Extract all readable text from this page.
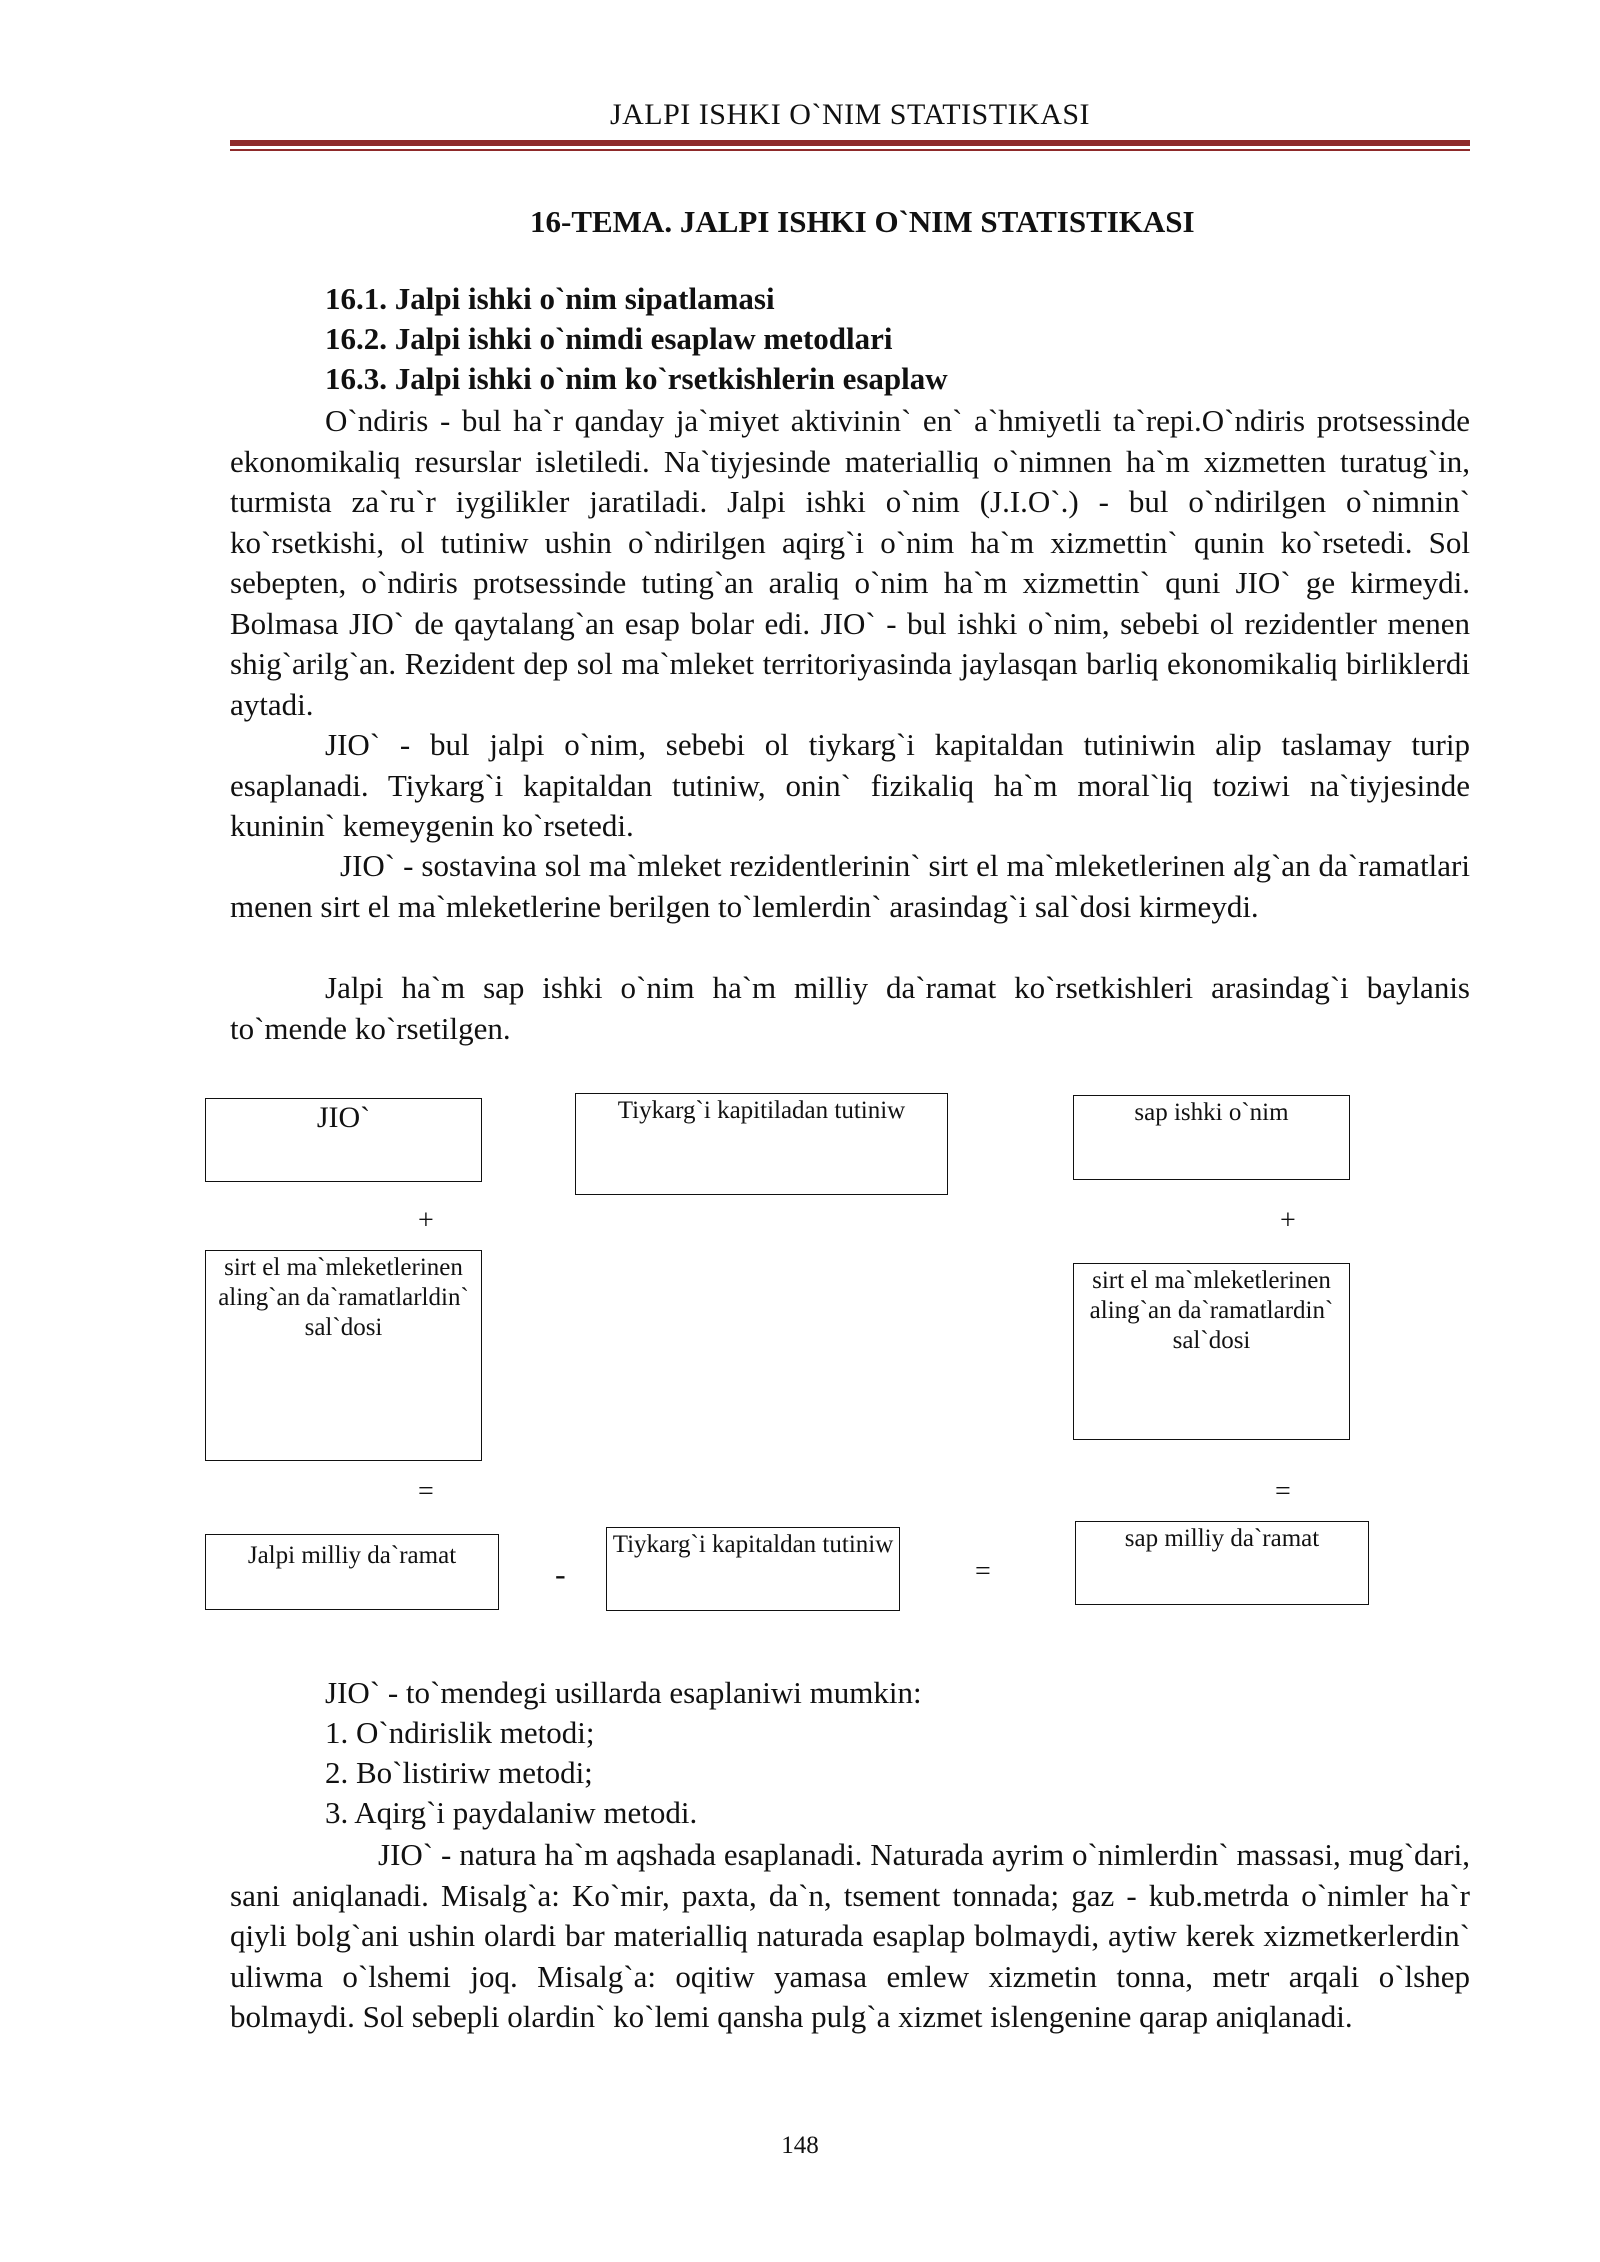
JALPI ISHKI O`NIM STATISTIKASI
16-TEMA. JALPI ISHKI O`NIM STATISTIKASI
16.1. Jalpi ishki o`nim sipatlamasi
16.2. Jalpi ishki o`nimdi esaplaw metodlari
16.3. Jalpi ishki o`nim ko`rsetkishlerin esaplaw
O`ndiris - bul ha`r qanday ja`miyet aktivinin` en` a`hmiyetli ta`repi.O`ndiris protsessinde ekonomikaliq resurslar isletiledi. Na`tiyjesinde materialliq o`nimnen ha`m xizmetten turatug`in, turmista za`ru`r iygilikler jaratiladi. Jalpi ishki o`nim (J.I.O`.) - bul o`ndirilgen o`nimnin` ko`rsetkishi, ol tutiniw ushin o`ndirilgen aqirg`i o`nim ha`m xizmettin` qunin ko`rsetedi. Sol sebepten, o`ndiris protsessinde tuting`an araliq o`nim ha`m xizmettin` quni JIO` ge kirmeydi. Bolmasa JIO` de qaytalang`an esap bolar edi. JIO` - bul ishki o`nim, sebebi ol rezidentler menen shig`arilg`an. Rezident dep sol ma`mleket territoriyasinda jaylasqan barliq ekonomikaliq birliklerdi aytadi.
JIO` - bul jalpi o`nim, sebebi ol tiykarg`i kapitaldan tutiniwin alip taslamay turip esaplanadi. Tiykarg`i kapitaldan tutiniw, onin` fizikaliq ha`m moral`liq toziwi na`tiyjesinde kuninin` kemeygenin ko`rsetedi.
JIO` - sostavina sol ma`mleket rezidentlerinin` sirt el ma`mleketlerinen alg`an da`ramatlari menen sirt el ma`mleketlerine berilgen to`lemlerdin` arasindag`i sal`dosi kirmeydi.
Jalpi ha`m sap ishki o`nim ha`m milliy da`ramat ko`rsetkishleri arasindag`i baylanis to`mende ko`rsetilgen.
JIO`	Tiykarg`i kapitiladan tutiniw	sap ishki o`nim
+	+
sirt el ma`mleketlerinen aling`an da`ramatlarldin` sal`dosi
sirt el ma`mleketlerinen aling`an da`ramatlardin` sal`dosi
=	=
Jalpi milliy da`ramat
-
Tiykarg`i kapitaldan tutiniw
=
sap milliy da`ramat
JIO` - to`mendegi usillarda esaplaniwi mumkin:
1. O`ndirislik metodi;
2. Bo`listiriw metodi;
3. Aqirg`i paydalaniw metodi.
JIO` - natura ha`m aqshada esaplanadi. Naturada ayrim o`nimlerdin` massasi, mug`dari, sani aniqlanadi. Misalg`a: Ko`mir, paxta, da`n, tsement tonnada; gaz - kub.metrda o`nimler ha`r qiyli bolg`ani ushin olardi bar materialliq naturada esaplap bolmaydi, aytiw kerek xizmetkerlerdin` uliwma o`lshemi joq. Misalg`a: oqitiw yamasa emlew xizmetin tonna, metr arqali o`lshep bolmaydi. Sol sebepli olardin` ko`lemi qansha pulg`a xizmet islengenine qarap aniqlanadi.
148
